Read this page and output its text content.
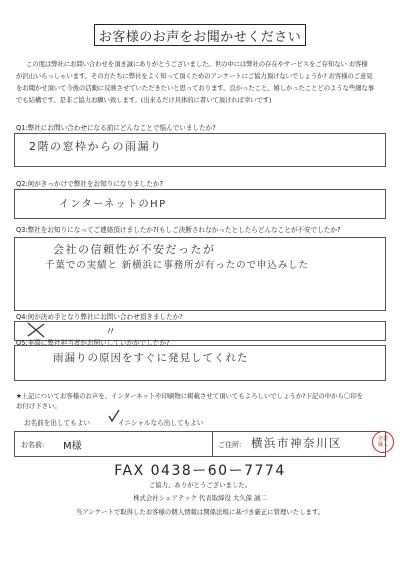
お客様のお声をお聞かせください
この度は弊社にお問い合わせを頂き誠にありがとうございました。世の中には弊社の存在やサービスをご存知ない お客様
が沢山いらっしゃいます。その方たちに弊社をよく知って頂くためのアンケートにご協力頂けないでしょうか? お客様のご意見
をお聞かせ頂いて今後の活動に反映させていただきたいと思っております。良かったこと、嬉しかったことどのような些細な事
でも結構です。是非ご協力お願い致します。(出来るだけ具体的に書いて頂ければ幸いです)
Q1:弊社にお問い合わせになる前にどんなことで悩んでいましたか?
2階の窓枠からの雨漏り
Q2:何がきっかけで弊社をお知りになりましたか?
インターネットのHP
Q3:弊社をお知りになってご連絡頂けましたか?(もしご決断されなかったとしたらどんなことが不安でしたか?
会社の信頼性が不安だったが
千葉での実績と 新横浜に事務所が有ったので申込みした
Q4:何が決め手となり弊社にお問い合わせ頂きましたか?
〃
Q5:実際に弊社担当者がお伺いしていかがでしたか?
雨漏りの原因をすぐに発見してくれた
★上記についてお客様のお声を、インターネットや印刷物に掲載させて頂いてもよろしいでしょうか?下記の中から〇印を
お付け下さい。
お名前を出してもよい	イニシャルなら出してもよい
お名前: M様	ご住所: 横浜市神奈川区	塗装
職人
FAX 0438ー60ー7774
ご協力、ありがとうございました。
株式会社シェアテック 代表取締役 大久保 誠二
当アンケートで取得したお客様の個人情報は関係法規に基づき厳正に管理いたします。
